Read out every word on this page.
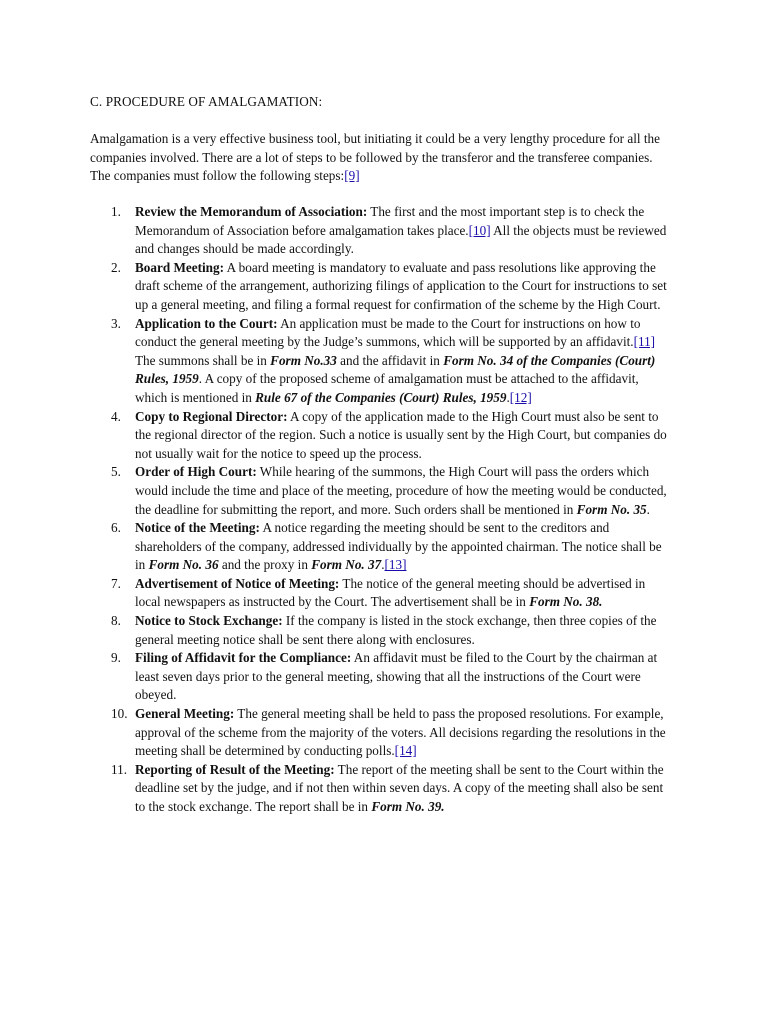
C. PROCEDURE OF AMALGAMATION:

Amalgamation is a very effective business tool, but initiating it could be a very lengthy procedure for all the companies involved. There are a lot of steps to be followed by the transferor and the transferee companies. The companies must follow the following steps:[9]

1.	Review the Memorandum of Association: The first and the most important step is to check the Memorandum of Association before amalgamation takes place.[10] All the objects must be reviewed and changes should be made accordingly.
2.	Board Meeting: A board meeting is mandatory to evaluate and pass resolutions like approving the draft scheme of the arrangement, authorizing filings of application to the Court for instructions to set up a general meeting, and filing a formal request for confirmation of the scheme by the High Court.
3.	Application to the Court: An application must be made to the Court for instructions on how to conduct the general meeting by the Judge’s summons, which will be supported by an affidavit.[11] The summons shall be in Form No.33 and the affidavit in Form No. 34 of the Companies (Court) Rules, 1959. A copy of the proposed scheme of amalgamation must be attached to the affidavit, which is mentioned in Rule 67 of the Companies (Court) Rules, 1959.[12]
4.	Copy to Regional Director: A copy of the application made to the High Court must also be sent to the regional director of the region. Such a notice is usually sent by the High Court, but companies do not usually wait for the notice to speed up the process.
5.	Order of High Court: While hearing of the summons, the High Court will pass the orders which would include the time and place of the meeting, procedure of how the meeting would be conducted, the deadline for submitting the report, and more. Such orders shall be mentioned in Form No. 35.
6.	Notice of the Meeting: A notice regarding the meeting should be sent to the creditors and shareholders of the company, addressed individually by the appointed chairman. The notice shall be in Form No. 36 and the proxy in Form No. 37.[13]
7.	Advertisement of Notice of Meeting: The notice of the general meeting should be advertised in local newspapers as instructed by the Court. The advertisement shall be in Form No. 38.
8.	Notice to Stock Exchange: If the company is listed in the stock exchange, then three copies of the general meeting notice shall be sent there along with enclosures.
9.	Filing of Affidavit for the Compliance: An affidavit must be filed to the Court by the chairman at least seven days prior to the general meeting, showing that all the instructions of the Court were obeyed.
10. General Meeting: The general meeting shall be held to pass the proposed resolutions. For example, approval of the scheme from the majority of the voters. All decisions regarding the resolutions in the meeting shall be determined by conducting polls.[14]
11. Reporting of Result of the Meeting: The report of the meeting shall be sent to the Court within the deadline set by the judge, and if not then within seven days. A copy of the meeting shall also be sent to the stock exchange. The report shall be in Form No. 39.
